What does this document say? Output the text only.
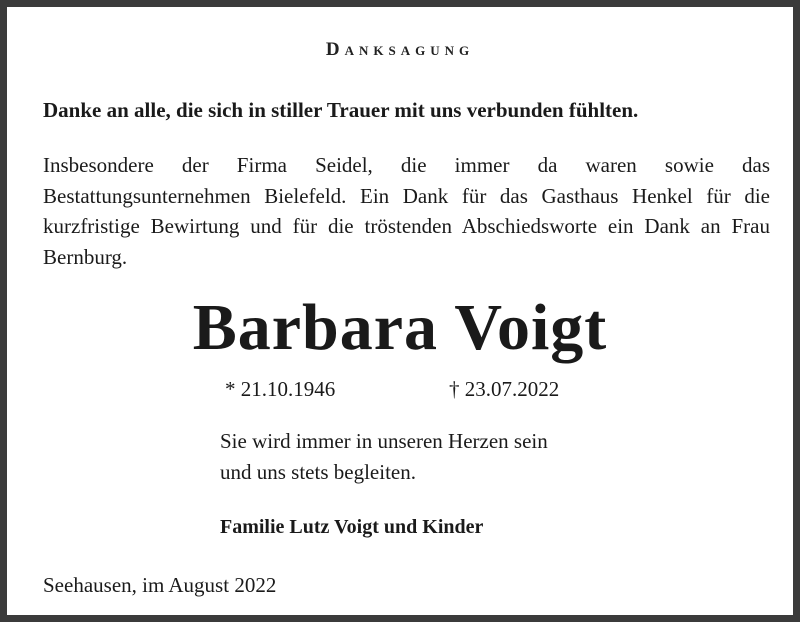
Danksagung
Danke an alle, die sich in stiller Trauer mit uns verbunden fühlten.
Insbesondere der Firma Seidel, die immer da waren sowie das Bestattungsunternehmen Bielefeld. Ein Dank für das Gasthaus Henkel für die kurzfristige Bewirtung und für die tröstenden Abschiedsworte ein Dank an Frau Bernburg.
Barbara Voigt
* 21.10.1946	† 23.07.2022
Sie wird immer in unseren Herzen sein
und uns stets begleiten.
Familie Lutz Voigt und Kinder
Seehausen, im August 2022
